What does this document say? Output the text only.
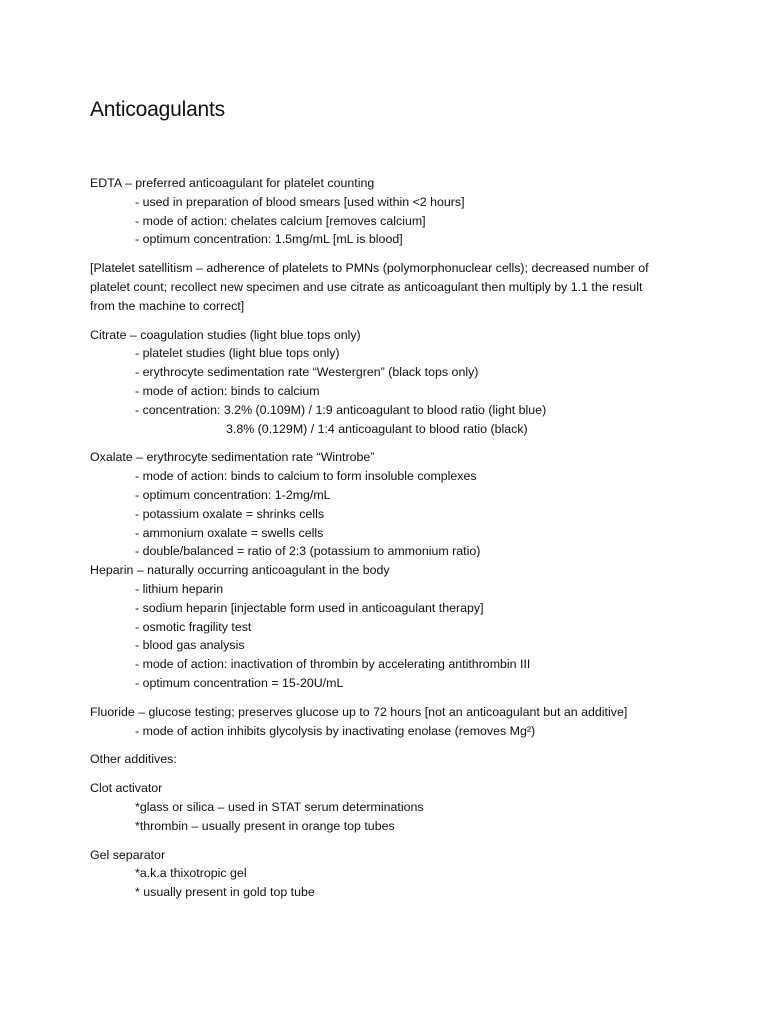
Anticoagulants
EDTA – preferred anticoagulant for platelet counting
- used in preparation of blood smears [used within <2 hours]
- mode of action: chelates calcium [removes calcium]
- optimum concentration: 1.5mg/mL [mL is blood]
[Platelet satellitism – adherence of platelets to PMNs (polymorphonuclear cells); decreased number of platelet count; recollect new specimen and use citrate as anticoagulant then multiply by 1.1 the result from the machine to correct]
Citrate – coagulation studies (light blue tops only)
- platelet studies (light blue tops only)
- erythrocyte sedimentation rate “Westergren” (black tops only)
- mode of action: binds to calcium
- concentration: 3.2% (0.109M) / 1:9 anticoagulant to blood ratio (light blue)
3.8% (0.129M) / 1:4 anticoagulant to blood ratio (black)
Oxalate – erythrocyte sedimentation rate “Wintrobe”
- mode of action: binds to calcium to form insoluble complexes
- optimum concentration: 1-2mg/mL
- potassium oxalate = shrinks cells
- ammonium oxalate = swells cells
- double/balanced = ratio of 2:3 (potassium to ammonium ratio)
Heparin – naturally occurring anticoagulant in the body
- lithium heparin
- sodium heparin [injectable form used in anticoagulant therapy]
- osmotic fragility test
- blood gas analysis
- mode of action: inactivation of thrombin by accelerating antithrombin III
- optimum concentration = 15-20U/mL
Fluoride – glucose testing; preserves glucose up to 72 hours [not an anticoagulant but an additive]
- mode of action inhibits glycolysis by inactivating enolase (removes Mg²)
Other additives:
Clot activator
*glass or silica – used in STAT serum determinations
*thrombin – usually present in orange top tubes
Gel separator
*a.k.a thixotropic gel
* usually present in gold top tube
